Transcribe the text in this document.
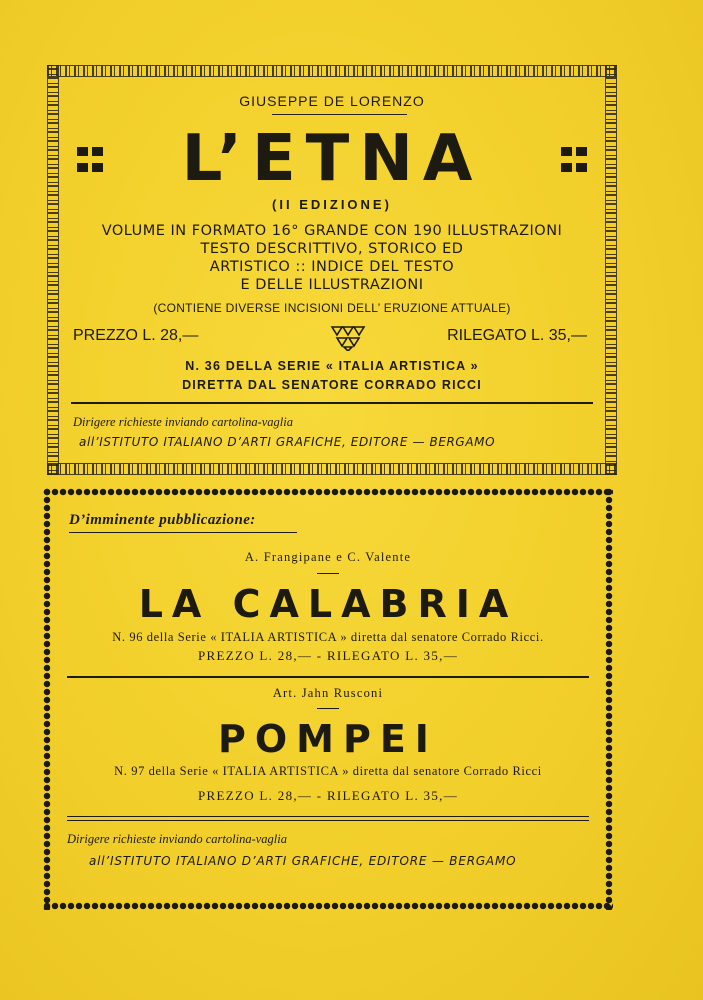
GIUSEPPE DE LORENZO
L’ETNA
(II EDIZIONE)
VOLUME IN FORMATO 16° GRANDE CON 190 ILLUSTRAZIONI
TESTO DESCRITTIVO, STORICO ED
ARTISTICO :: INDICE DEL TESTO
E DELLE ILLUSTRAZIONI
(CONTIENE DIVERSE INCISIONI DELL’ ERUZIONE ATTUALE)
PREZZO L. 28,—	RILEGATO L. 35,—
N. 36 DELLA SERIE « ITALIA ARTISTICA »
DIRETTA DAL SENATORE CORRADO RICCI
Dirigere richieste inviando cartolina-vaglia
all’ISTITUTO ITALIANO D’ARTI GRAFICHE, EDITORE — BERGAMO
D’imminente pubblicazione:
A. Frangipane e C. Valente
LA CALABRIA
N. 96 della Serie « ITALIA ARTISTICA » diretta dal senatore Corrado Ricci.
PREZZO L. 28,— - RILEGATO L. 35,—
Art. Jahn Rusconi
POMPEI
N. 97 della Serie « ITALIA ARTISTICA » diretta dal senatore Corrado Ricci
PREZZO L. 28,— - RILEGATO L. 35,—
Dirigere richieste inviando cartolina-vaglia
all’ISTITUTO ITALIANO D’ARTI GRAFICHE, EDITORE — BERGAMO
